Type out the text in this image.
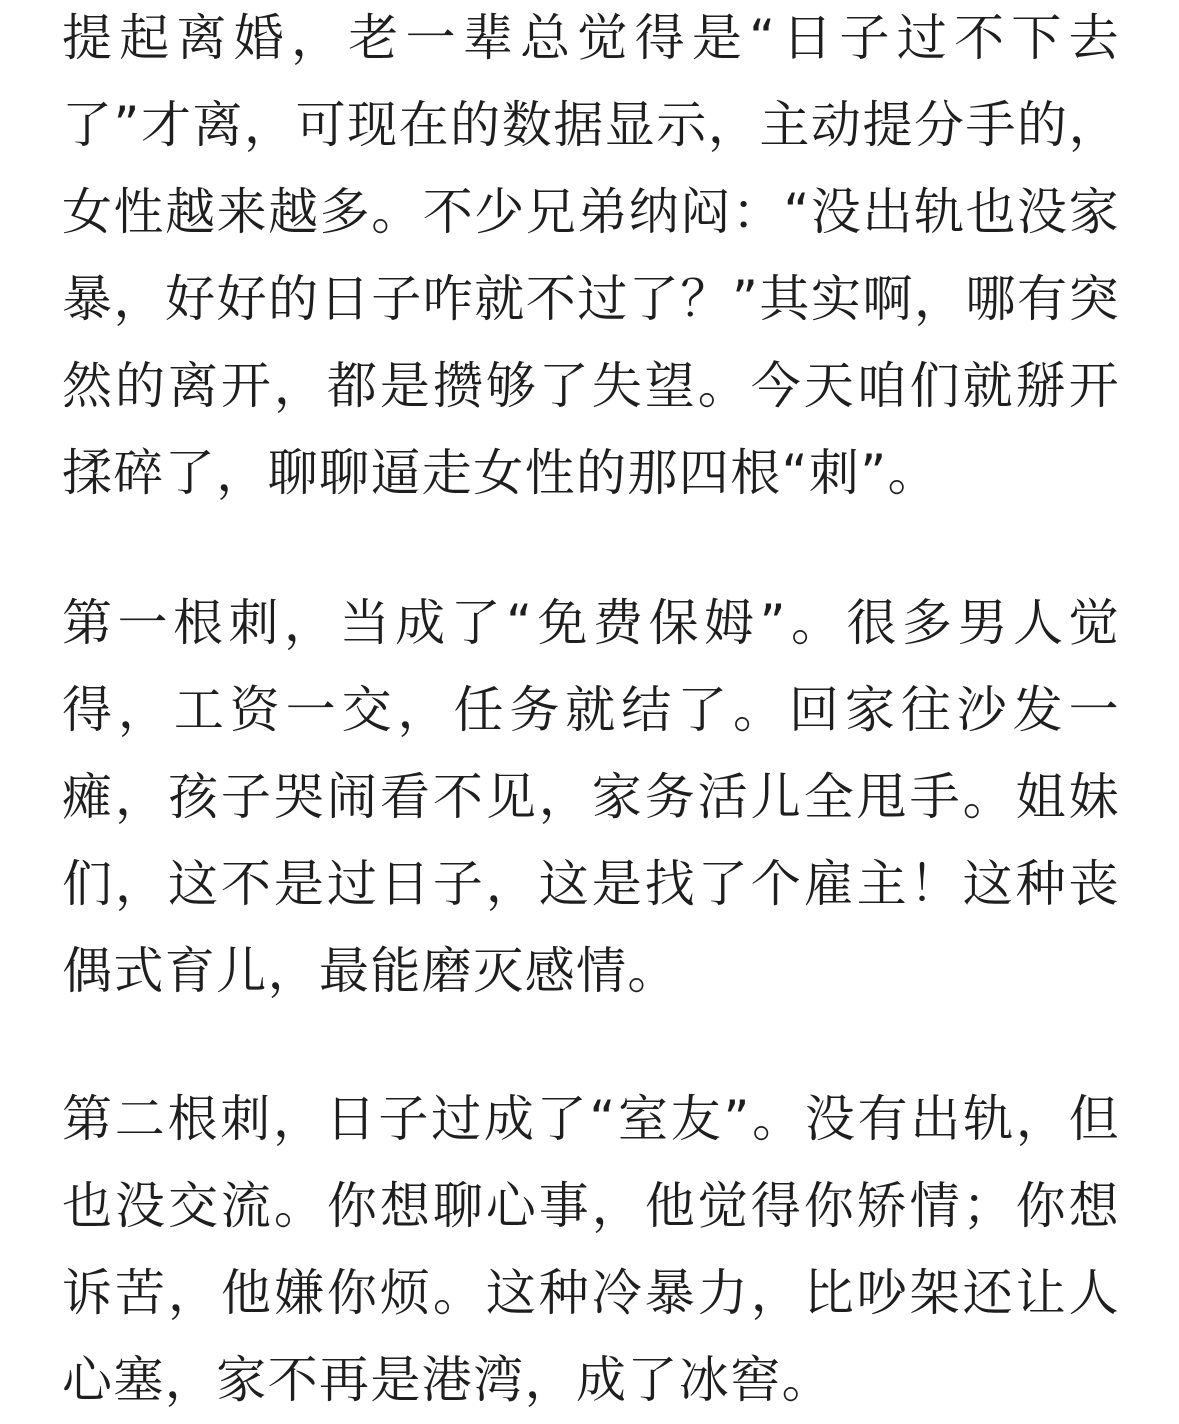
提起离婚，老一辈总觉得是“日子过不下去了”才离，可现在的数据显示，主动提分手的，女性越来越多。不少兄弟纳闷：“没出轨也没家暴，好好的日子咋就不过了？”其实啊，哪有突然的离开，都是攒够了失望。今天咱们就掰开揉碎了，聊聊逼走女性的那四根“刺”。

第一根刺，当成了“免费保姆”。很多男人觉得，工资一交，任务就结了。回家往沙发一瘫，孩子哭闹看不见，家务活儿全甩手。姐妹们，这不是过日子，这是找了个雇主！这种丧偶式育儿，最能磨灭感情。

第二根刺，日子过成了“室友”。没有出轨，但也没交流。你想聊心事，他觉得你矫情；你想诉苦，他嫌你烦。这种冷暴力，比吵架还让人心塞，家不再是港湾，成了冰窖。
